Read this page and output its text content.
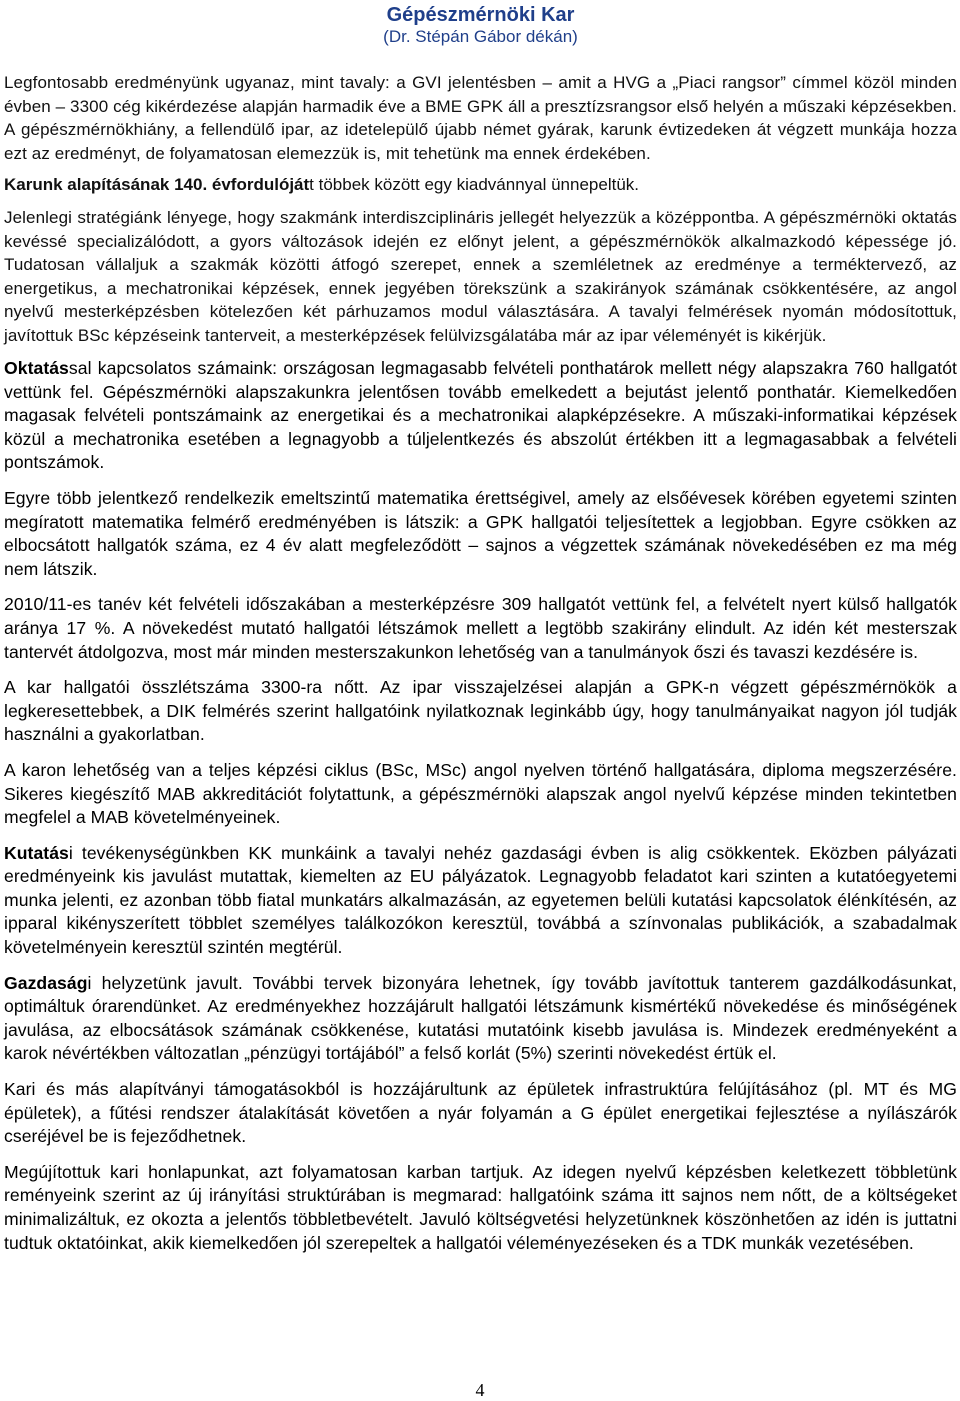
Gépészmérnöki Kar

(Dr. Stépán Gábor dékán)

Legfontosabb eredményünk ugyanaz, mint tavaly: a GVI jelentésben – amit a HVG a „Piaci rangsor” címmel közöl minden évben – 3300 cég kikérdezése alapján harmadik éve a BME GPK áll a presztízsrangsor első helyén a műszaki képzésekben. A gépészmérnökhiány, a fellendülő ipar, az idetelepülő újabb német gyárak, karunk évtizedeken át végzett munkája hozza ezt az eredményt, de folyamatosan elemezzük is, mit tehetünk ma ennek érdekében.

Karunk alapításának 140. évfordulójátt többek között egy kiadvánnyal ünnepeltük.

Jelenlegi stratégiánk lényege, hogy szakmánk interdiszciplináris jellegét helyezzük a középpontba. A gépészmérnöki oktatás kevéssé specializálódott, a gyors változások idején ez előnyt jelent, a gépészmérnökök alkalmazkodó képessége jó. Tudatosan vállaljuk a szakmák közötti átfogó szerepet, ennek a szemléletnek az eredménye a terméktervező, az energetikus, a mechatronikai képzések, ennek jegyében törekszünk a szakirányok számának csökkentésére, az angol nyelvű mesterképzésben kötelezően két párhuzamos modul választására. A tavalyi felmérések nyomán módosítottuk, javítottuk BSc képzéseink tanterveit, a mesterképzések felülvizsgálatába már az ipar véleményét is kikérjük.

Oktatással kapcsolatos számaink: országosan legmagasabb felvételi ponthatárok mellett négy alapszakra 760 hallgatót vettünk fel. Gépészmérnöki alapszakunkra jelentősen tovább emelkedett a bejutást jelentő ponthatár. Kiemelkedően magasak felvételi pontszámaink az energetikai és a mechatronikai alapképzésekre. A műszaki-informatikai képzések közül a mechatronika esetében a legnagyobb a túljelentkezés és abszolút értékben itt a legmagasabbak a felvételi pontszámok.

Egyre több jelentkező rendelkezik emeltszintű matematika érettségivel, amely az elsőévesek körében egyetemi szinten megíratott matematika felmérő eredményében is látszik: a GPK hallgatói teljesítettek a legjobban. Egyre csökken az elbocsátott hallgatók száma, ez 4 év alatt megfeleződött – sajnos a végzettek számának növekedésében ez ma még nem látszik.

2010/11-es tanév két felvételi időszakában a mesterképzésre 309 hallgatót vettünk fel, a felvételt nyert külső hallgatók aránya 17 %. A növekedést mutató hallgatói létszámok mellett a legtöbb szakirány elindult. Az idén két mesterszak tantervét átdolgozva, most már minden mesterszakunkon lehetőség van a tanulmányok őszi és tavaszi kezdésére is.

A kar hallgatói összlétszáma 3300-ra nőtt. Az ipar visszajelzései alapján a GPK-n végzett gépészmérnökök a legkeresettebbek, a DIK felmérés szerint hallgatóink nyilatkoznak leginkább úgy, hogy tanulmányaikat nagyon jól tudják használni a gyakorlatban.

A karon lehetőség van a teljes képzési ciklus (BSc, MSc) angol nyelven történő hallgatására, diploma megszerzésére. Sikeres kiegészítő MAB akkreditációt folytattunk, a gépészmérnöki alapszak angol nyelvű képzése minden tekintetben megfelel a MAB követelményeinek.

Kutatási tevékenységünkben KK munkáink a tavalyi nehéz gazdasági évben is alig csökkentek. Eközben pályázati eredményeink kis javulást mutattak, kiemelten az EU pályázatok. Legnagyobb feladatot kari szinten a kutatóegyetemi munka jelenti, ez azonban több fiatal munkatárs alkalmazásán, az egyetemen belüli kutatási kapcsolatok élénkítésén, az ipparal kikényszerített többlet személyes találkozókon keresztül, továbbá a színvonalas publikációk, a szabadalmak követelményein keresztül szintén megtérül.

Gazdasági helyzetünk javult. További tervek bizonyára lehetnek, így tovább javítottuk tanterem gazdálkodásunkat, optimáltuk órarendünket. Az eredményekhez hozzájárult hallgatói létszámunk kismértékű növekedése és minőségének javulása, az elbocsátások számának csökkenése, kutatási mutatóink kisebb javulása is. Mindezek eredményeként a karok névértékben változatlan „pénzügyi tortájából” a felső korlát (5%) szerinti növekedést értük el.

Kari és más alapítványi támogatásokból is hozzájárultunk az épületek infrastruktúra felújításához (pl. MT és MG épületek), a fűtési rendszer átalakítását követően a nyár folyamán a G épület energetikai fejlesztése a nyílászárók cseréjével be is fejeződhetnek.

Megújítottuk kari honlapunkat, azt folyamatosan karban tartjuk. Az idegen nyelvű képzésben keletkezett többletünk reményeink szerint az új irányítási struktúrában is megmarad: hallgatóink száma itt sajnos nem nőtt, de a költségeket minimalizáltuk, ez okozta a jelentős többletbevételt. Javuló költségvetési helyzetünknek köszönhetően az idén is juttatni tudtuk oktatóinkat, akik kiemelkedően jól szerepeltek a hallgatói véleményezéseken és a TDK munkák vezetésében.

4
